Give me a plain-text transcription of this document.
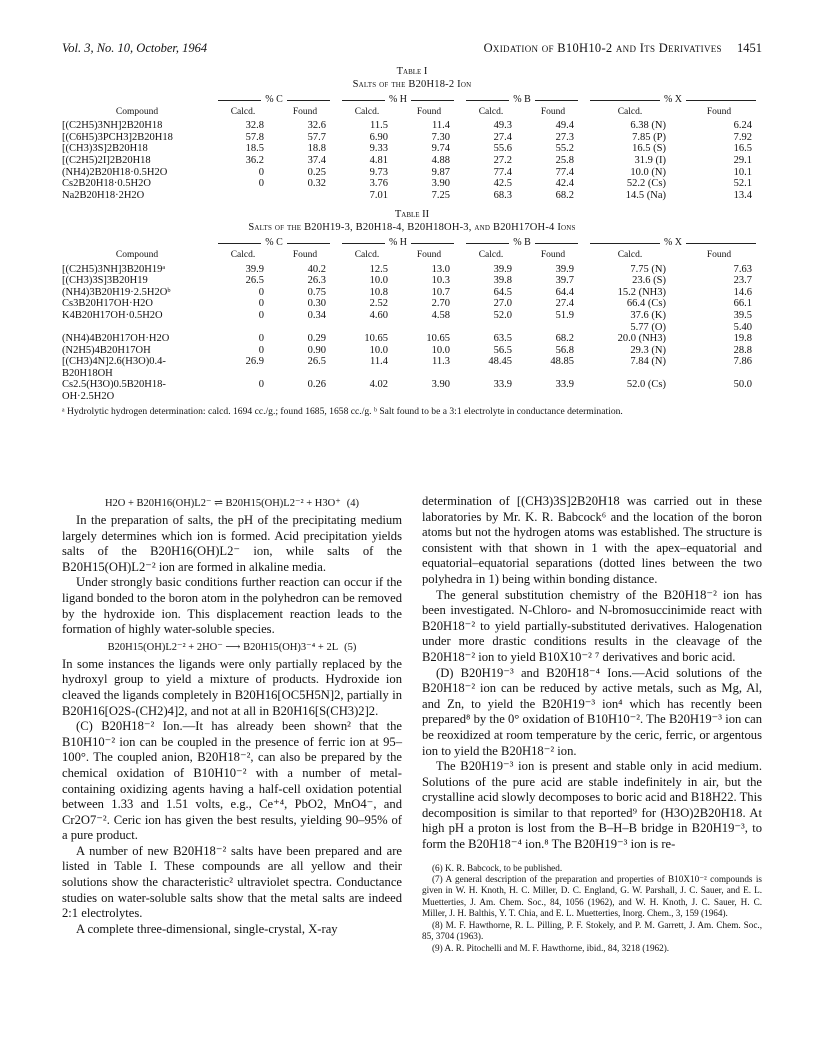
Vol. 3, No. 10, October, 1964	Oxidation of B10H10-2 and Its Derivatives 1451
Table I
Salts of the B20H18-2 Ion

% C		% H		% B		% X	
Compound	Calcd.	Found	Calcd.	Found	Calcd.	Found	Calcd.	Found
[(C2H5)3NH]2B20H18	32.8	32.6	11.5	11.4	49.3	49.4	6.38 (N)	6.24
[(C6H5)3PCH3]2B20H18	57.8	57.7	6.90	7.30	27.4	27.3	7.85 (P)	7.92
[(CH3)3S]2B20H18	18.5	18.8	9.33	9.74	55.6	55.2	16.5 (S)	16.5
[(C2H5)2I]2B20H18	36.2	37.4	4.81	4.88	27.2	25.8	31.9 (I)	29.1
(NH4)2B20H18·0.5H2O	0	0.25	9.73	9.87	77.4	77.4	10.0 (N)	10.1
Cs2B20H18·0.5H2O	0	0.32	3.76	3.90	42.5	42.4	52.2 (Cs)	52.1
Na2B20H18·2H2O			7.01	7.25	68.3	68.2	14.5 (Na)	13.4
Table II
Salts of the B20H19-3, B20H18-4, B20H18OH-3, and B20H17OH-4 Ions

% C		% H		% B		% X	
Compound	Calcd.	Found	Calcd.	Found	Calcd.	Found	Calcd.	Found
[(C2H5)3NH]3B20H19ᵃ	39.9	40.2	12.5	13.0	39.9	39.9	7.75 (N)	7.63
[(CH3)3S]3B20H19	26.5	26.3	10.0	10.3	39.8	39.7	23.6 (S)	23.7
(NH4)3B20H19·2.5H2Oᵇ	0	0.75	10.8	10.7	64.5	64.4	15.2 (NH3)	14.6
Cs3B20H17OH·H2O	0	0.30	2.52	2.70	27.0	27.4	66.4 (Cs)	66.1
K4B20H17OH·0.5H2O	0	0.34	4.60	4.58	52.0	51.9	37.6 (K)	39.5
							5.77 (O)	5.40
(NH4)4B20H17OH·H2O	0	0.29	10.65	10.65	63.5	68.2	20.0 (NH3)	19.8
(N2H5)4B20H17OH	0	0.90	10.0	10.0	56.5	56.8	29.3 (N)	28.8
[(CH3)4N]2.6(H3O)0.4-	26.9	26.5	11.4	11.3	48.45	48.85	7.84 (N)	7.86
B20H18OH								
Cs2.5(H3O)0.5B20H18-	0	0.26	4.02	3.90	33.9	33.9	52.0 (Cs)	50.0
OH·2.5H2O								
ᵃ Hydrolytic hydrogen determination: calcd. 1694 cc./g.; found 1685, 1658 cc./g. ᵇ Salt found to be a 3:1 electrolyte in conductance determination.
H2O + B20H16(OH)L2⁻ ⇌ B20H15(OH)L2⁻² + H3O⁺ (4)

In the preparation of salts, the pH of the precipitating medium largely determines which ion is formed. Acid precipitation yields salts of the B20H16(OH)L2⁻ ion, while salts of the B20H15(OH)L2⁻² ion are formed in alkaline media.

Under strongly basic conditions further reaction can occur if the ligand bonded to the boron atom in the polyhedron can be removed by the hydroxide ion. This displacement reaction leads to the formation of highly water-soluble species.

B20H15(OH)L2⁻² + 2HO⁻ ⟶ B20H15(OH)3⁻⁴ + 2L (5)

In some instances the ligands were only partially replaced by the hydroxyl group to yield a mixture of products. Hydroxide ion cleaved the ligands completely in B20H16[OC5H5N]2, partially in B20H16[O2S-(CH2)4]2, and not at all in B20H16[S(CH3)2]2.

(C) B20H18⁻² Ion.—It has already been shown² that the B10H10⁻² ion can be coupled in the presence of ferric ion at 95–100°. The coupled anion, B20H18⁻², can also be prepared by the chemical oxidation of B10H10⁻² with a number of metal-containing oxidizing agents having a half-cell oxidation potential between 1.33 and 1.51 volts, e.g., Ce⁺⁴, PbO2, MnO4⁻, and Cr2O7⁻². Ceric ion has given the best results, yielding 90–95% of a pure product.

A number of new B20H18⁻² salts have been prepared and are listed in Table I. These compounds are all yellow and their solutions show the characteristic² ultraviolet spectra. Conductance studies on water-soluble salts show that the metal salts are indeed 2:1 electrolytes.

A complete three-dimensional, single-crystal, X-ray

determination of [(CH3)3S]2B20H18 was carried out in these laboratories by Mr. K. R. Babcock⁶ and the location of the boron atoms but not the hydrogen atoms was established. The structure is consistent with that shown in 1 with the apex–equatorial and equatorial–equatorial separations (dotted lines between the two polyhedra in 1) being within bonding distance.

The general substitution chemistry of the B20H18⁻² ion has been investigated. N-Chloro- and N-bromosuccinimide react with B20H18⁻² to yield partially-substituted derivatives. Halogenation under more drastic conditions results in the cleavage of the B20H18⁻² ion to yield B10X10⁻² ⁷ derivatives and boric acid.

(D) B20H19⁻³ and B20H18⁻⁴ Ions.—Acid solutions of the B20H18⁻² ion can be reduced by active metals, such as Mg, Al, and Zn, to yield the B20H19⁻³ ion⁴ which has recently been prepared⁸ by the 0° oxidation of B10H10⁻². The B20H19⁻³ ion can be reoxidized at room temperature by the ceric, ferric, or argentous ion to yield the B20H18⁻² ion.

The B20H19⁻³ ion is present and stable only in acid medium. Solutions of the pure acid are stable indefinitely in air, but the crystalline acid slowly decomposes to boric acid and B18H22. This decomposition is similar to that reported⁹ for (H3O)2B20H18. At high pH a proton is lost from the B–H–B bridge in B20H19⁻³, to form the B20H18⁻⁴ ion.⁸ The B20H19⁻³ ion is re-

(6) K. R. Babcock, to be published.

(7) A general description of the preparation and properties of B10X10⁻² compounds is given in W. H. Knoth, H. C. Miller, D. C. England, G. W. Parshall, J. C. Sauer, and E. L. Muetterties, J. Am. Chem. Soc., 84, 1056 (1962), and W. H. Knoth, J. C. Sauer, H. C. Miller, J. H. Balthis, Y. T. Chia, and E. L. Muetterties, Inorg. Chem., 3, 159 (1964).

(8) M. F. Hawthorne, R. L. Pilling, P. F. Stokely, and P. M. Garrett, J. Am. Chem. Soc., 85, 3704 (1963).

(9) A. R. Pitochelli and M. F. Hawthorne, ibid., 84, 3218 (1962).
